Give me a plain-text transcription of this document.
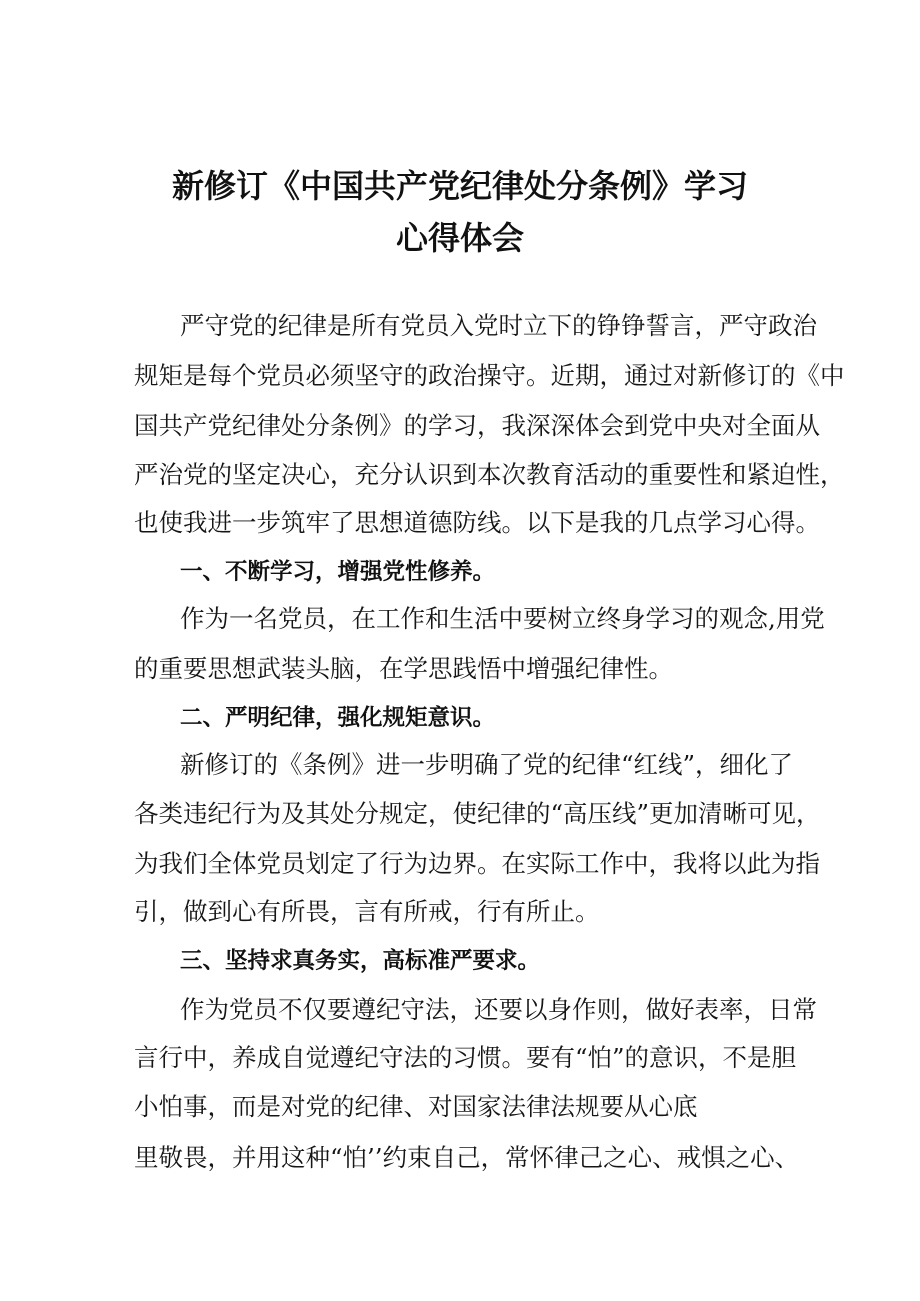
新修订《中国共产党纪律处分条例》学习
心得体会

严守党的纪律是所有党员入党时立下的铮铮誓言，严守政治

规矩是每个党员必须坚守的政治操守。近期，通过对新修订的《中

国共产党纪律处分条例》的学习，我深深体会到党中央对全面从

严治党的坚定决心，充分认识到本次教育活动的重要性和紧迫性，

也使我进一步筑牢了思想道德防线。以下是我的几点学习心得。

一、不断学习，增强党性修养。

作为一名党员，在工作和生活中要树立终身学习的观念,用党

的重要思想武装头脑，在学思践悟中增强纪律性。

二、严明纪律，强化规矩意识。

新修订的《条例》进一步明确了党的纪律“红线”，细化了

各类违纪行为及其处分规定，使纪律的“高压线”更加清晰可见，

为我们全体党员划定了行为边界。在实际工作中，我将以此为指

引，做到心有所畏，言有所戒，行有所止。

三、坚持求真务实，高标准严要求。

作为党员不仅要遵纪守法，还要以身作则，做好表率，日常

言行中，养成自觉遵纪守法的习惯。要有“怕”的意识，不是胆

小怕事，而是对党的纪律、对国家法律法规要从心底

里敬畏，并用这种“怕’’约束自己，常怀律己之心、戒惧之心、
